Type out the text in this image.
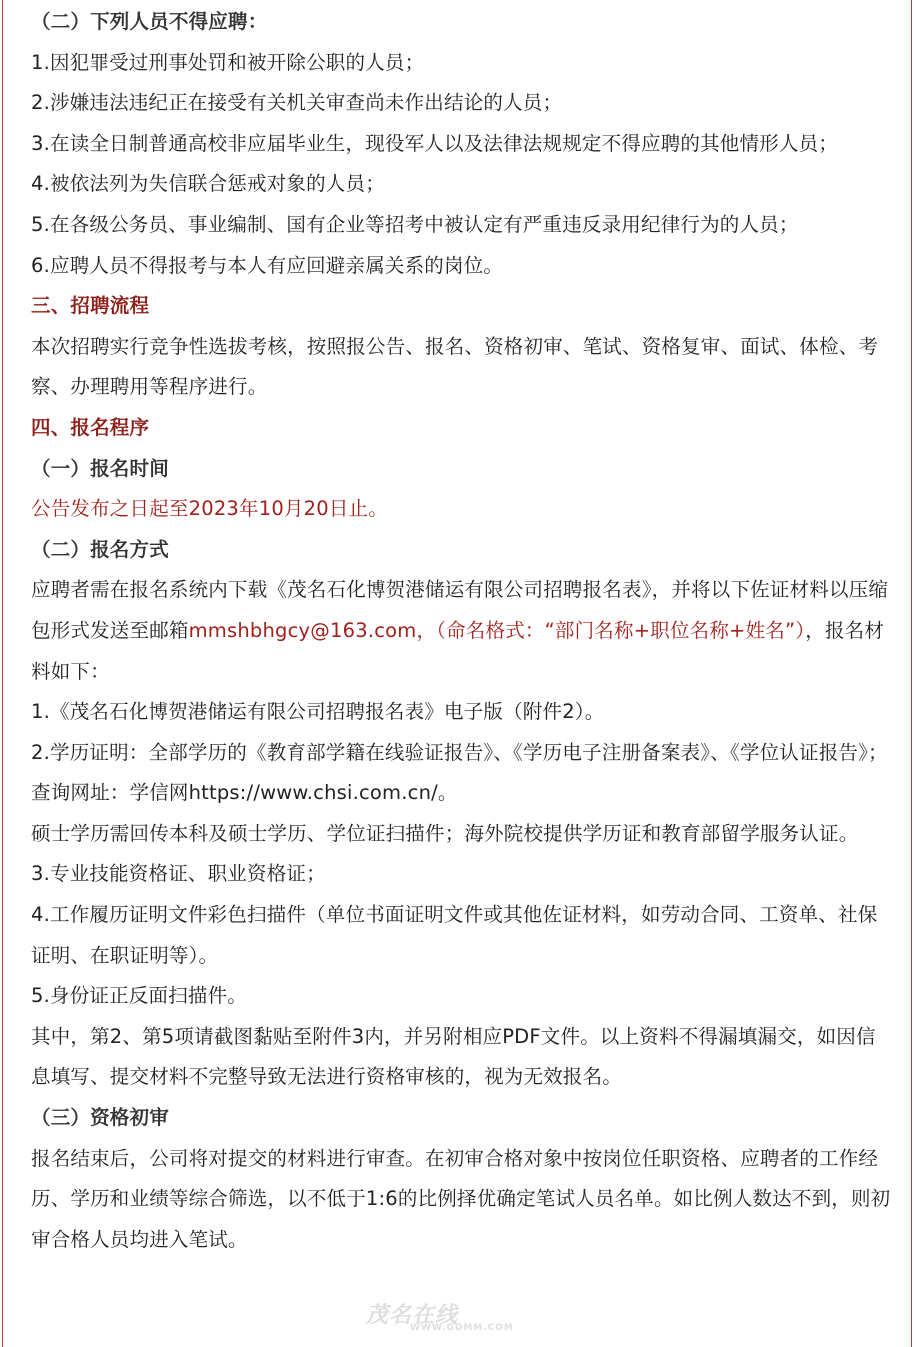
（二）下列人员不得应聘：

1.因犯罪受过刑事处罚和被开除公职的人员；

2.涉嫌违法违纪正在接受有关机关审查尚未作出结论的人员；

3.在读全日制普通高校非应届毕业生，现役军人以及法律法规规定不得应聘的其他情形人员；

4.被依法列为失信联合惩戒对象的人员；

5.在各级公务员、事业编制、国有企业等招考中被认定有严重违反录用纪律行为的人员；

6.应聘人员不得报考与本人有应回避亲属关系的岗位。

三、招聘流程

本次招聘实行竞争性选拔考核，按照报公告、报名、资格初审、笔试、资格复审、面试、体检、考察、办理聘用等程序进行。

四、报名程序

（一）报名时间

公告发布之日起至2023年10月20日止。

（二）报名方式

应聘者需在报名系统内下载《茂名石化博贺港储运有限公司招聘报名表》，并将以下佐证材料以压缩包形式发送至邮箱mmshbhgcy@163.com，（命名格式：“部门名称+职位名称+姓名”），报名材料如下：

1.《茂名石化博贺港储运有限公司招聘报名表》电子版（附件2）。

2.学历证明：全部学历的《教育部学籍在线验证报告》、《学历电子注册备案表》、《学位认证报告》；查询网址：学信网https://www.chsi.com.cn/。

硕士学历需回传本科及硕士学历、学位证扫描件；海外院校提供学历证和教育部留学服务认证。

3.专业技能资格证、职业资格证；

4.工作履历证明文件彩色扫描件（单位书面证明文件或其他佐证材料，如劳动合同、工资单、社保证明、在职证明等）。

5.身份证正反面扫描件。

其中，第2、第5项请截图黏贴至附件3内，并另附相应PDF文件。以上资料不得漏填漏交，如因信息填写、提交材料不完整导致无法进行资格审核的，视为无效报名。

（三）资格初审

报名结束后，公司将对提交的材料进行审查。在初审合格对象中按岗位任职资格、应聘者的工作经历、学历和业绩等综合筛选，以不低于1:6的比例择优确定笔试人员名单。如比例人数达不到，则初审合格人员均进入笔试。

茂名在线
WWW.GDMM.COM
